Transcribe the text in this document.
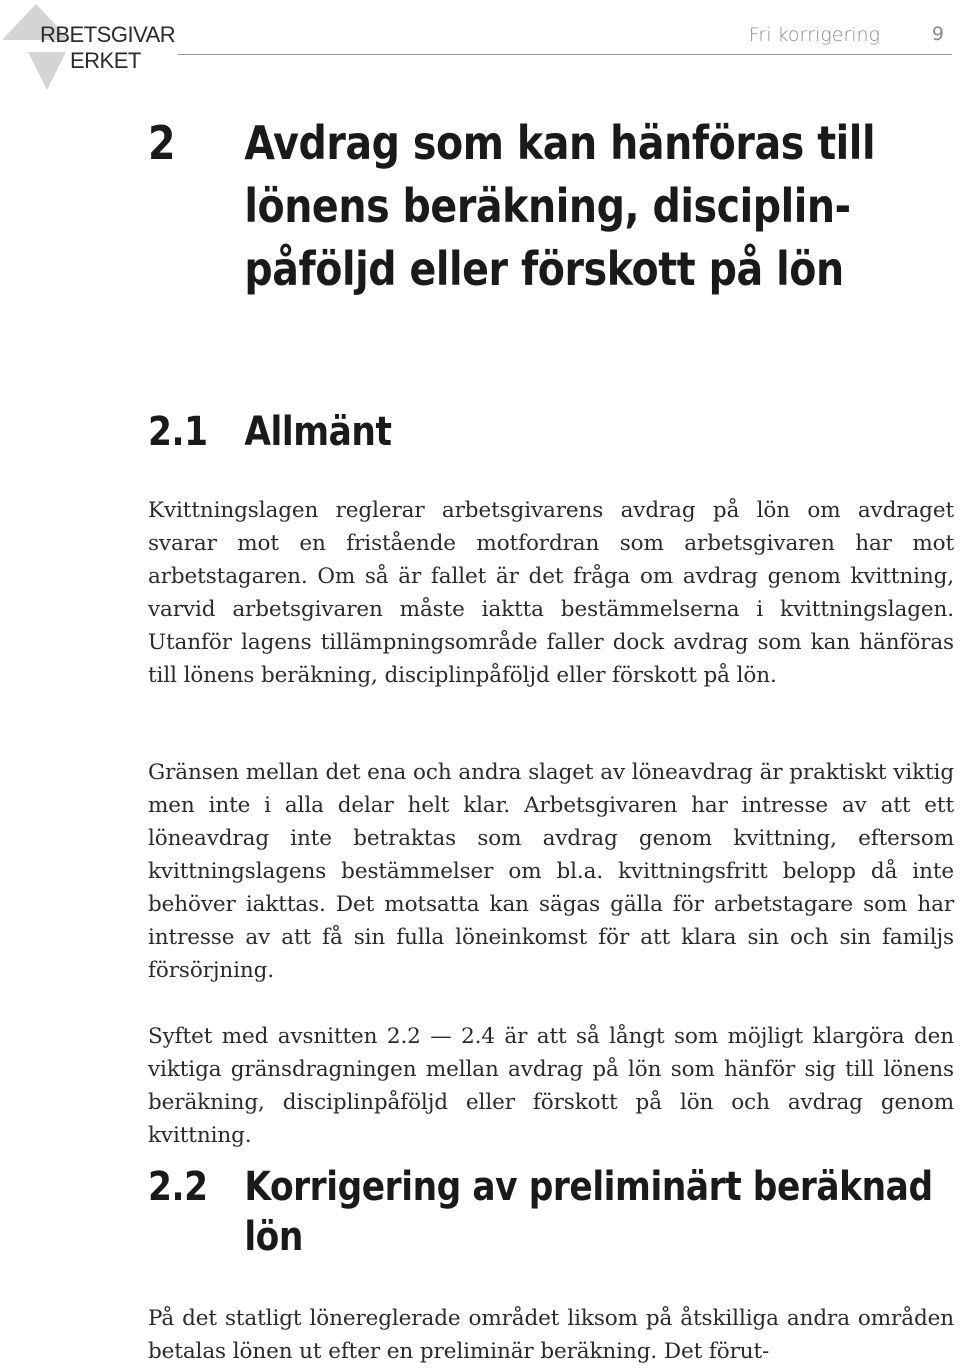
RBETSGIVAR
ERKET
Fri korrigering	9
2 Avdrag som kan hänföras till
lönens beräkning, disciplin-
påföljd eller förskott på lön
2.1 Allmänt

Kvittningslagen reglerar arbetsgivarens avdrag på lön om avdraget svarar mot en fristående motfordran som arbetsgivaren har mot arbetstagaren. Om så är fallet är det fråga om avdrag genom kvittning, varvid arbetsgivaren måste iaktta bestämmelserna i kvittningslagen. Utanför lagens tillämpningsområde faller dock avdrag som kan hänföras till lönens beräkning, disciplinpåföljd eller förskott på lön.

Gränsen mellan det ena och andra slaget av löneavdrag är praktiskt viktig men inte i alla delar helt klar. Arbetsgivaren har intresse av att ett löneavdrag inte betraktas som avdrag genom kvittning, eftersom kvittningslagens bestämmelser om bl.a. kvittningsfritt belopp då inte behöver iakttas. Det motsatta kan sägas gälla för arbetstagare som har intresse av att få sin fulla löneinkomst för att klara sin och sin familjs försörjning.

Syftet med avsnitten 2.2 — 2.4 är att så långt som möjligt klargöra den viktiga gränsdragningen mellan avdrag på lön som hänför sig till lönens beräkning, disciplinpåföljd eller förskott på lön och avdrag genom kvittning.

2.2 Korrigering av preliminärt beräknad
lön

På det statligt lönereglerade området liksom på åtskilliga andra områden betalas lönen ut efter en preliminär beräkning. Det förut-
